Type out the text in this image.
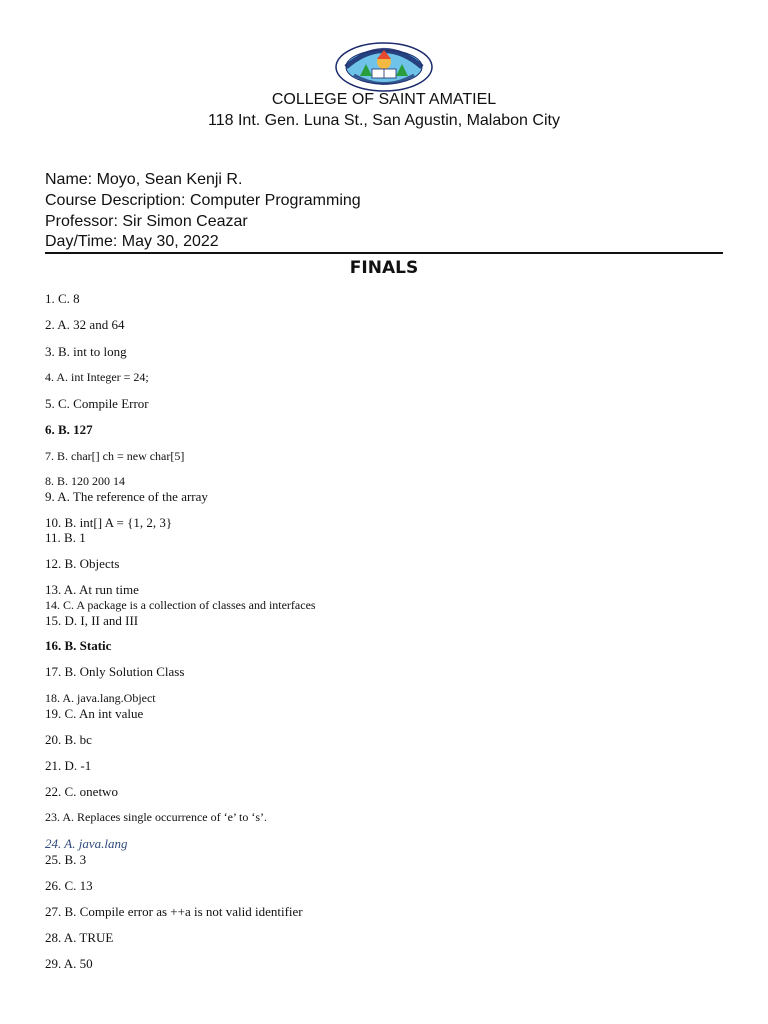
COLLEGE OF SAINT AMATIEL
118 Int. Gen. Luna St., San Agustin, Malabon City
Name: Moyo, Sean Kenji R.
Course Description: Computer Programming
Professor: Sir Simon Ceazar
Day/Time: May 30, 2022
FINALS
1. C. 8
2. A. 32 and 64
3. B. int to long
4. A. int Integer = 24;
5. C. Compile Error
6. B. 127
7. B. char[] ch = new char[5]
8. B. 120 200 14
9. A. The reference of the array
10. B. int[] A = {1, 2, 3}
11. B. 1
12. B. Objects
13. A. At run time
14. C. A package is a collection of classes and interfaces
15. D. I, II and III
16. B. Static
17. B. Only Solution Class
18. A. java.lang.Object
19. C. An int value
20. B. bc
21. D. -1
22. C. onetwo
23. A. Replaces single occurrence of ‘e’ to ‘s’.
24. A. java.lang
25. B. 3
26. C. 13
27. B. Compile error as ++a is not valid identifier
28. A. TRUE
29. A. 50
